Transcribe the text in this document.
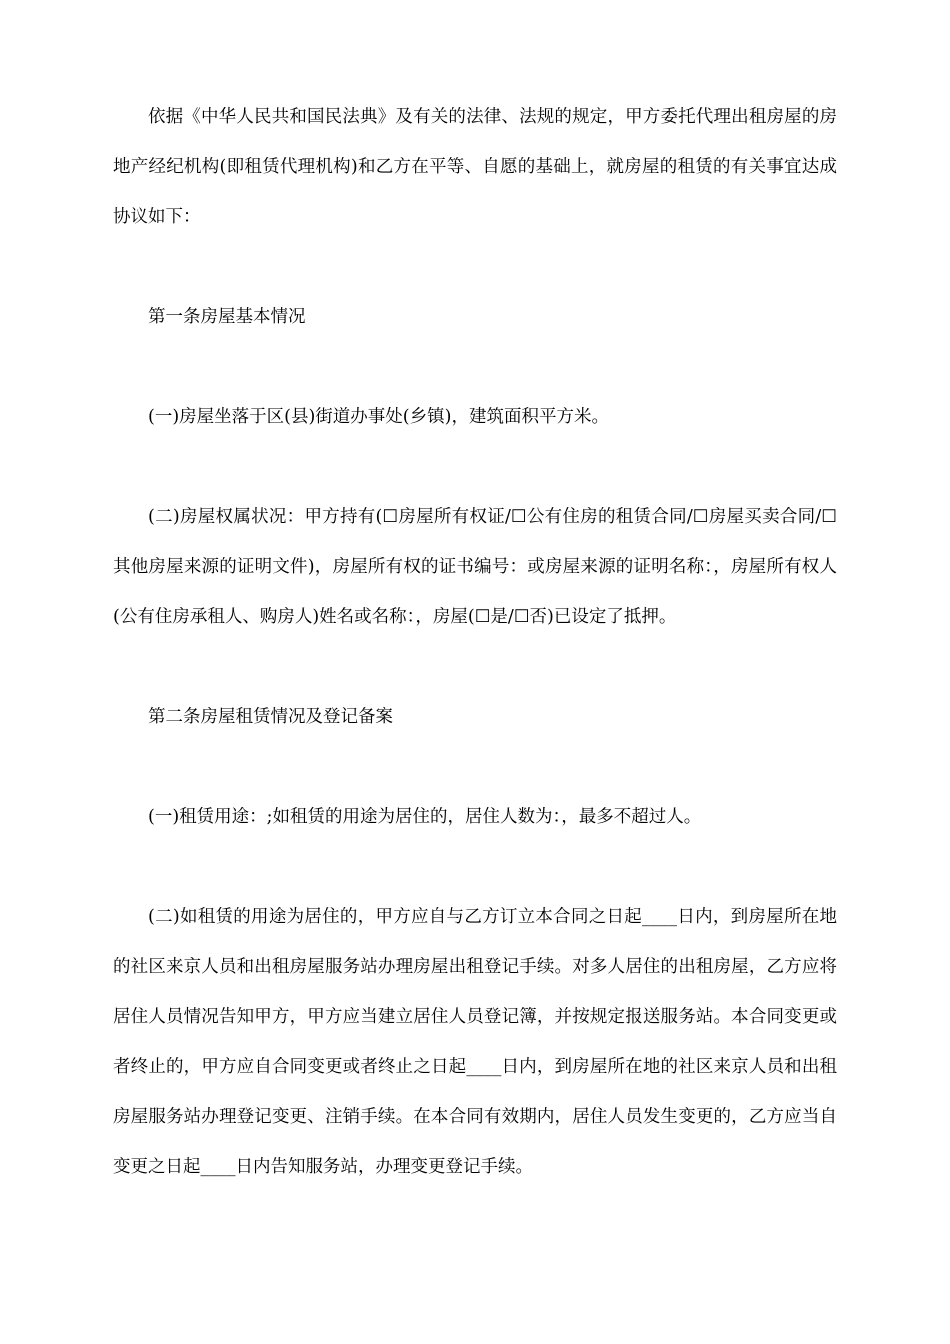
依据《中华人民共和国民法典》及有关的法律、法规的规定，甲方委托代理出租房屋的房地产经纪机构(即租赁代理机构)和乙方在平等、自愿的基础上，就房屋的租赁的有关事宜达成协议如下：

第一条房屋基本情况

(一)房屋坐落于区(县)街道办事处(乡镇)，建筑面积平方米。

(二)房屋权属状况：甲方持有(☐房屋所有权证/☐公有住房的租赁合同/☐房屋买卖合同/☐其他房屋来源的证明文件)，房屋所有权的证书编号：或房屋来源的证明名称：，房屋所有权人(公有住房承租人、购房人)姓名或名称：，房屋(☐是/☐否)已设定了抵押。

第二条房屋租赁情况及登记备案

(一)租赁用途：;如租赁的用途为居住的，居住人数为：，最多不超过人。

(二)如租赁的用途为居住的，甲方应自与乙方订立本合同之日起____日内，到房屋所在地的社区来京人员和出租房屋服务站办理房屋出租登记手续。对多人居住的出租房屋，乙方应将居住人员情况告知甲方，甲方应当建立居住人员登记簿，并按规定报送服务站。本合同变更或者终止的，甲方应自合同变更或者终止之日起____日内，到房屋所在地的社区来京人员和出租房屋服务站办理登记变更、注销手续。在本合同有效期内，居住人员发生变更的，乙方应当自变更之日起____日内告知服务站，办理变更登记手续。
